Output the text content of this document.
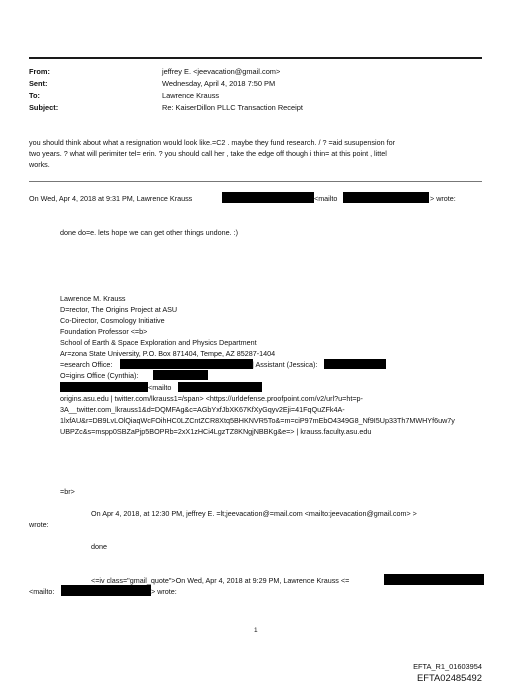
From:	jeffrey E. <jeevacation@gmail.com>
Sent:	Wednesday, April 4, 2018 7:50 PM
To:	Lawrence Krauss
Subject:	Re: KaiserDillon PLLC Transaction Receipt
you should think about what a resignation would look like.=C2 . maybe they fund research. / ? =aid susupension for
two years. ? what will perimiter tel= erin. ? you should call her , take the edge off though i thin= at this point , littel
works.
On Wed, Apr 4, 2018 at 9:31 PM, Lawrence Krauss	<mailto	> wrote:
done do=e. lets hope we can get other things undone. :)
Lawrence M. Krauss
D=rector, The Origins Project at ASU
Co-Director, Cosmology Initiative
Foundation Professor <=b>
School of Earth & Space Exploration and Physics Department
Ar=zona State University, P.O. Box 871404, Tempe, AZ 85287-1404
=esearch Office:	| Assistant (Jessica):
O=igins Office (Cynthia):
<mailto
origins.asu.edu | twitter.com/lkrauss1=/span> <https://urldefense.proofpoint.com/v2/url?u=ht=p-
3A__twitter.com_lkrauss1&d=DQMFAg&c=AGbYxfJbXK67KfXyGqyv2Eji=41FqQuZFk4A-
1lxfAU&r=DB9LvLOlQiaqWcFOihHC0LZCntZCR8Xtq5BHKNVR5To&=m=ciP97mEbO4349G8_Nf9I5Up33Th7MWHYf6uw7y
UBPZc&s=mspp0SBZaPjp5BOPRb=2xX1zHCi4LgzTZ8KNgjNBBKg&e=> | krauss.faculty.asu.edu
=br>
On Apr 4, 2018, at 12:30 PM, jeffrey E. =lt;jeevacation@=mail.com <mailto:jeevacation@gmail.com> >
wrote:
done
<=iv class="gmail_quote">On Wed, Apr 4, 2018 at 9:29 PM, Lawrence Krauss <=
<mailto:	> wrote:
1
EFTA_R1_01603954
EFTA02485492
